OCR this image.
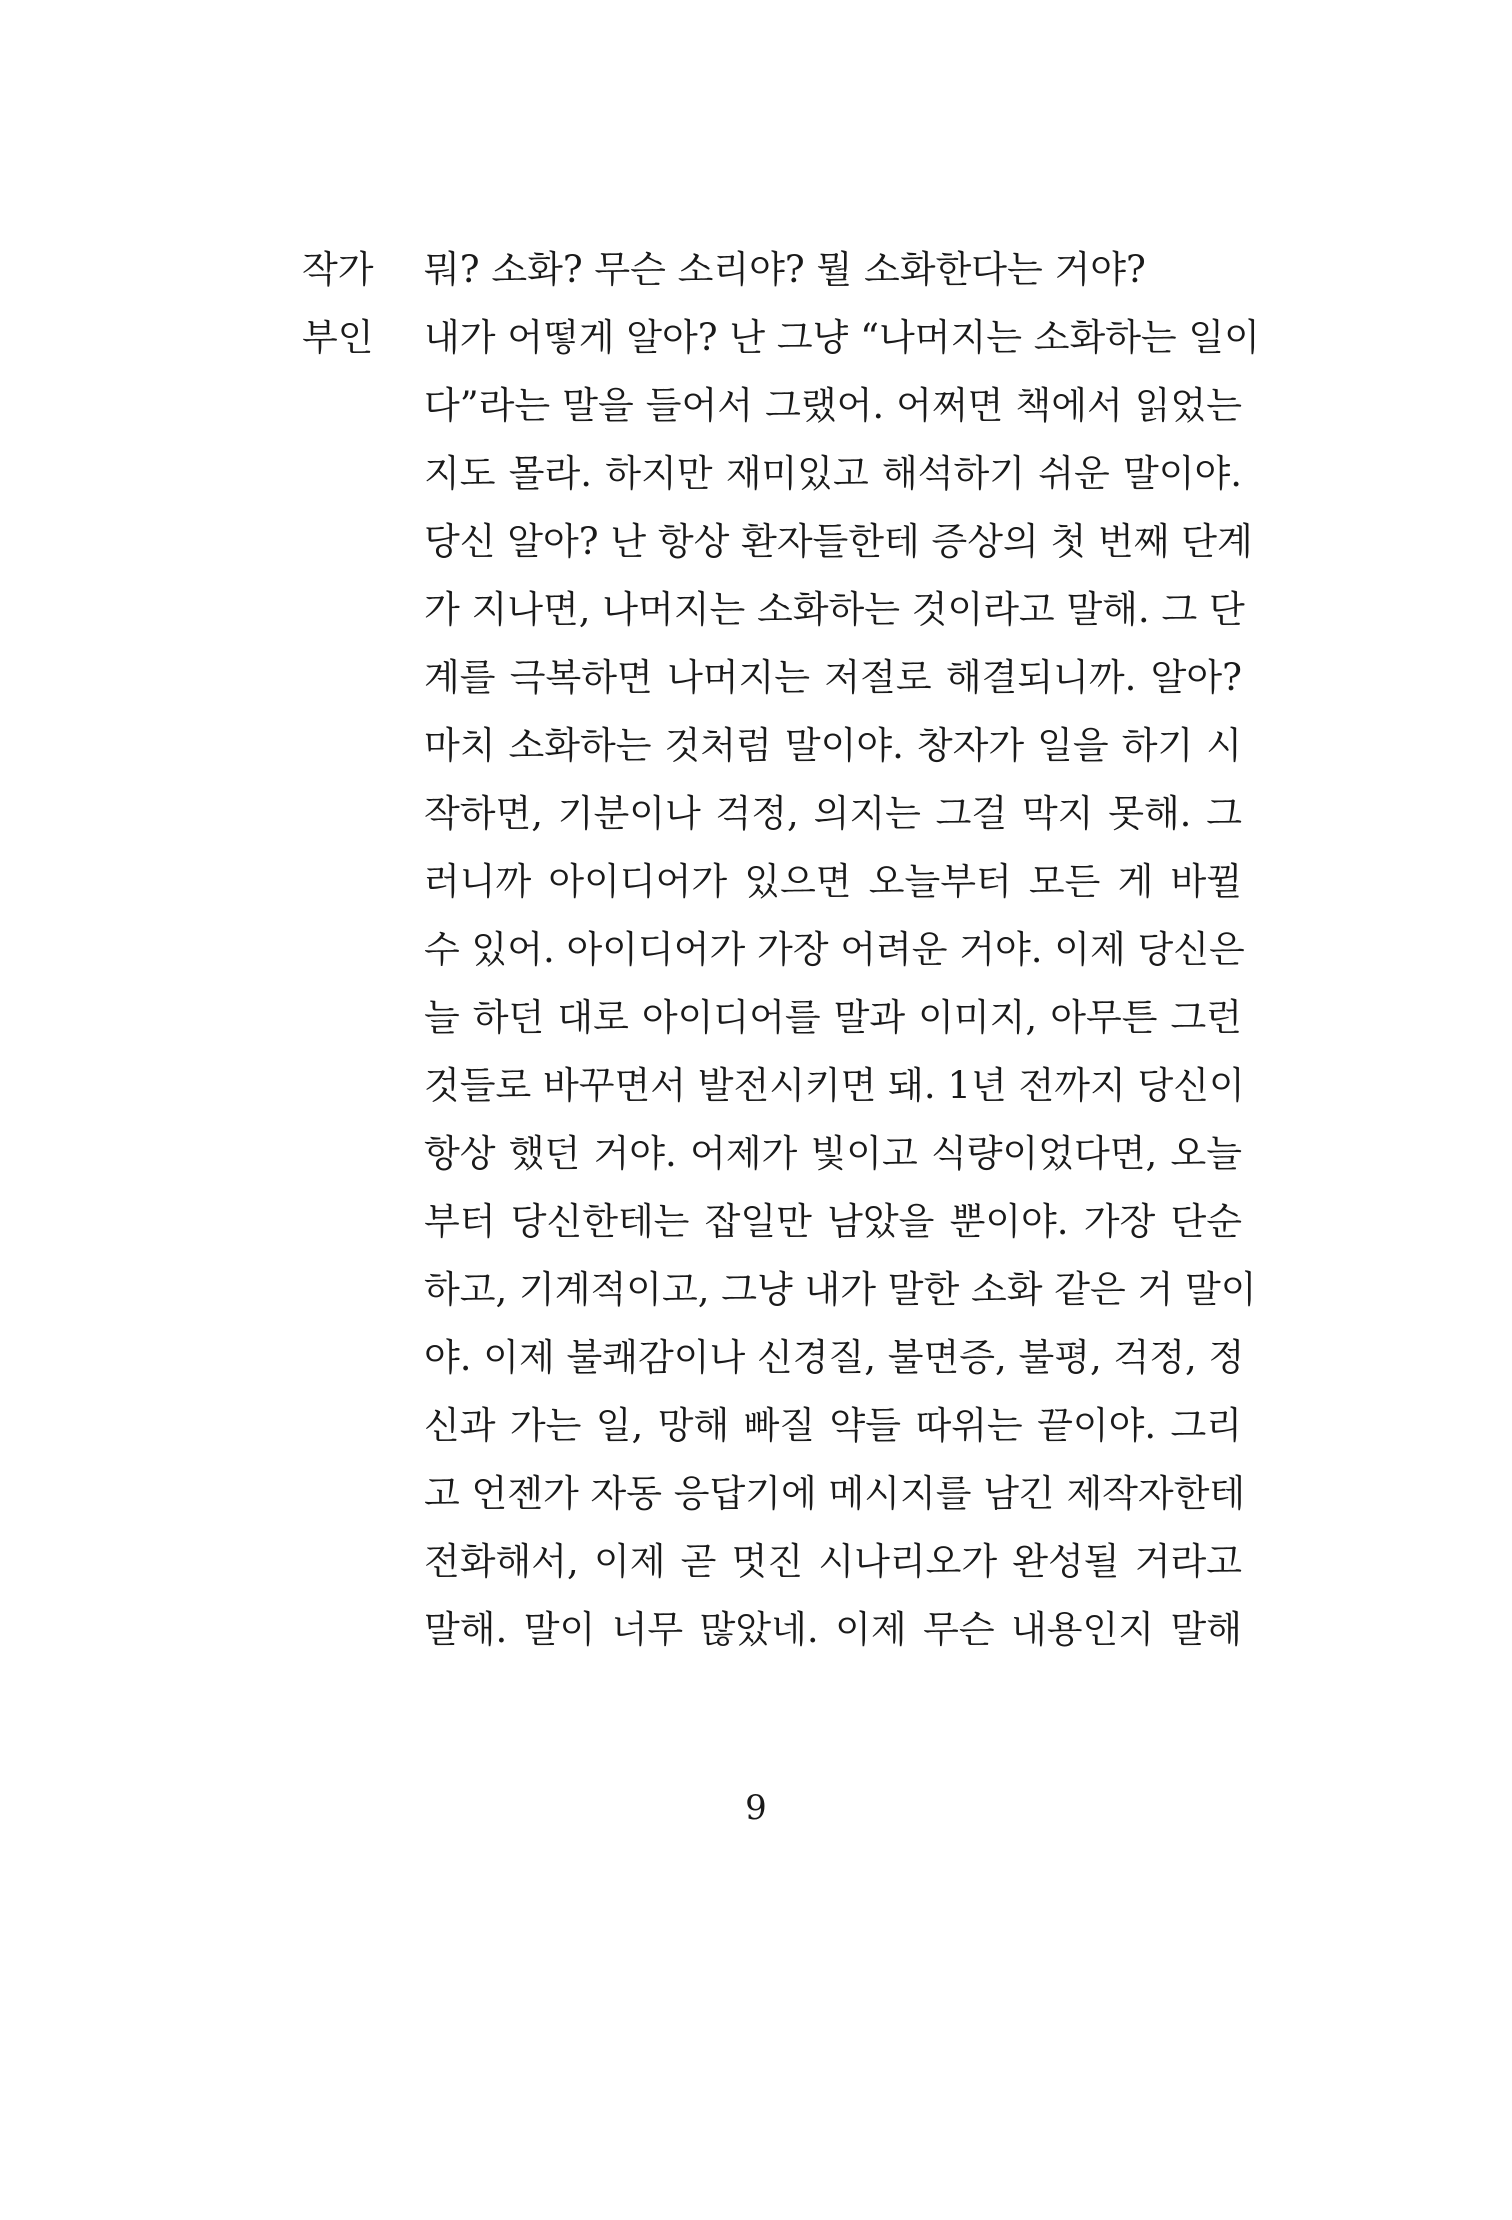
작가	뭐? 소화? 무슨 소리야? 뭘 소화한다는 거야?
부인	내가 어떻게 알아? 난 그냥 “나머지는 소화하는 일이
다”라는 말을 들어서 그랬어. 어쩌면 책에서 읽었는
지도 몰라. 하지만 재미있고 해석하기 쉬운 말이야.
당신 알아? 난 항상 환자들한테 증상의 첫 번째 단계
가 지나면, 나머지는 소화하는 것이라고 말해. 그 단
계를 극복하면 나머지는 저절로 해결되니까. 알아?
마치 소화하는 것처럼 말이야. 창자가 일을 하기 시
작하면, 기분이나 걱정, 의지는 그걸 막지 못해. 그
러니까 아이디어가 있으면 오늘부터 모든 게 바뀔
수 있어. 아이디어가 가장 어려운 거야. 이제 당신은
늘 하던 대로 아이디어를 말과 이미지, 아무튼 그런
것들로 바꾸면서 발전시키면 돼. 1년 전까지 당신이
항상 했던 거야. 어제가 빛이고 식량이었다면, 오늘
부터 당신한테는 잡일만 남았을 뿐이야. 가장 단순
하고, 기계적이고, 그냥 내가 말한 소화 같은 거 말이
야. 이제 불쾌감이나 신경질, 불면증, 불평, 걱정, 정
신과 가는 일, 망해 빠질 약들 따위는 끝이야. 그리
고 언젠가 자동 응답기에 메시지를 남긴 제작자한테
전화해서, 이제 곧 멋진 시나리오가 완성될 거라고
말해. 말이 너무 많았네. 이제 무슨 내용인지 말해
9
